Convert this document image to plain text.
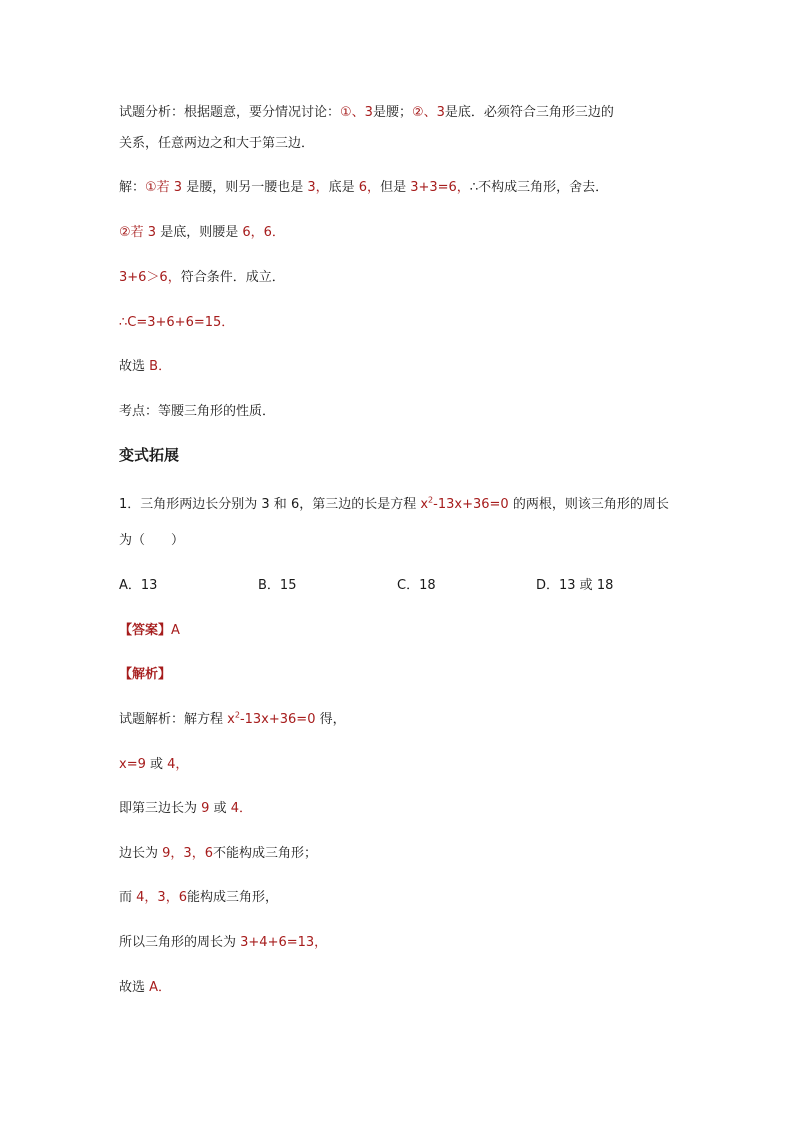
试题分析：根据题意，要分情况讨论：①、3是腰；②、3是底．必须符合三角形三边的
关系，任意两边之和大于第三边．
解：①若 3 是腰，则另一腰也是 3，底是 6，但是 3+3=6，∴不构成三角形，舍去．
②若 3 是底，则腰是 6，6．
3+6＞6，符合条件．成立．
∴C=3+6+6=15．
故选 B．
考点：等腰三角形的性质．
变式拓展
1．三角形两边长分别为 3 和 6，第三边的长是方程 $x^2-13x+36=0$ 的两根，则该三角形的周长
为（　　）
A．13	B．15	C．18	D．13 或 18
【答案】A
【解析】
试题解析：解方程 $x^2-13x+36=0$ 得，
x=9 或 4，
即第三边长为 9 或 4．
边长为 9，3，6不能构成三角形；
而 4，3，6能构成三角形，
所以三角形的周长为 3+4+6=13，
故选 A．
